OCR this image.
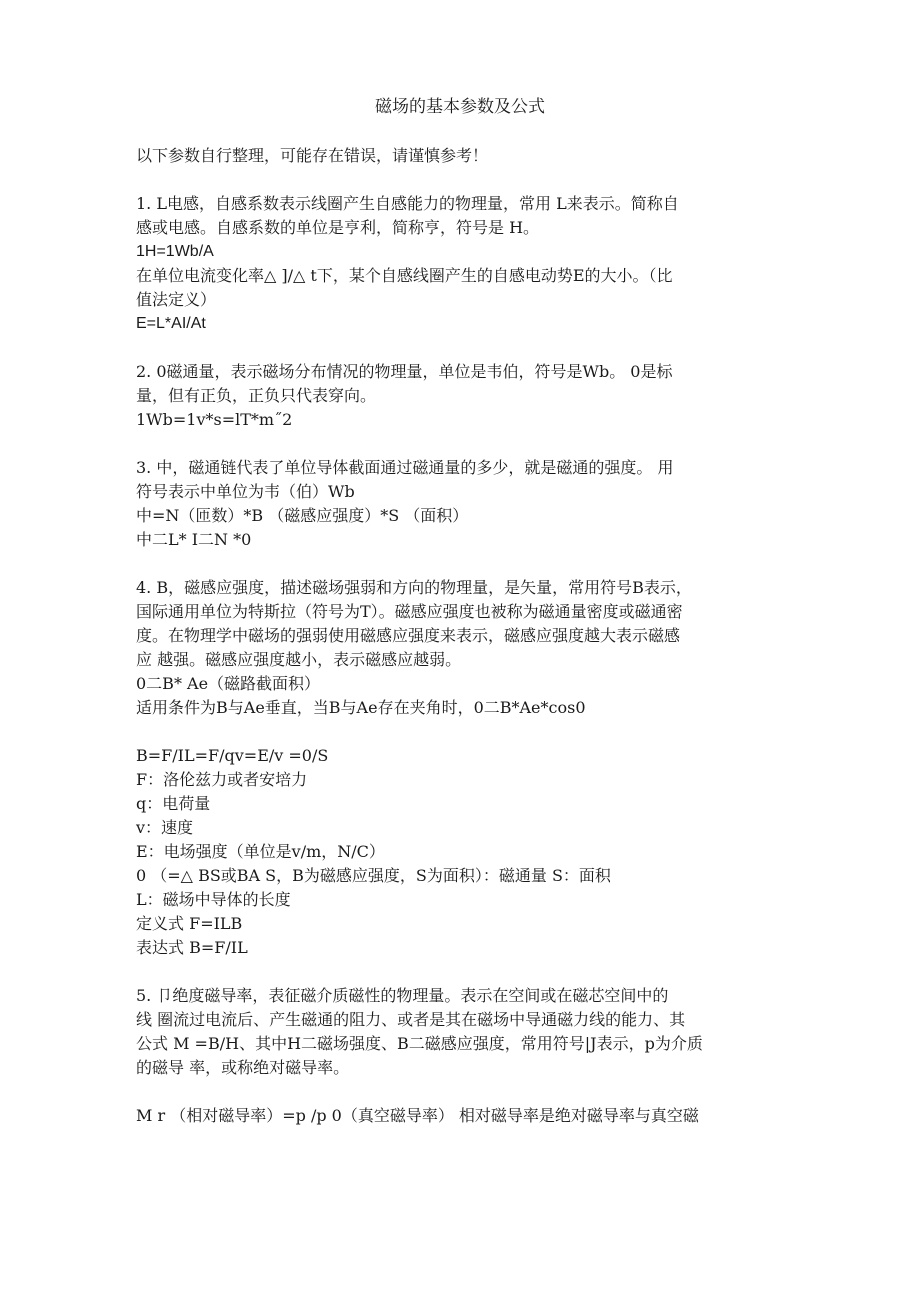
磁场的基本参数及公式
以下参数自行整理，可能存在错误，请谨慎参考！
1. L电感，自感系数表示线圈产生自感能力的物理量，常用 L来表示。简称自
感或电感。自感系数的单位是亨利，简称亨，符号是 H。
1H=1Wb/A
在单位电流变化率△ ]/△ t下，某个自感线圈产生的自感电动势E的大小。（比
值法定义）
E=L*AI/At
2. 0磁通量，表示磁场分布情况的物理量，单位是韦伯，符号是Wb。 0是标
量，但有正负，正负只代表穿向。
1Wb=1v*s=lT*m˝2
3. 中，磁通链代表了单位导体截面通过磁通量的多少，就是磁通的强度。 用
符号表示中单位为韦（伯）Wb
中=N（匝数）*B （磁感应强度）*S （面积）
中二L* I二N *0
4. B，磁感应强度，描述磁场强弱和方向的物理量，是矢量，常用符号B表示，
国际通用单位为特斯拉（符号为T）。磁感应强度也被称为磁通量密度或磁通密
度。在物理学中磁场的强弱使用磁感应强度来表示，磁感应强度越大表示磁感
应 越强。磁感应强度越小，表示磁感应越弱。
0二B* Ae（磁路截面积）
适用条件为B与Ae垂直，当B与Ae存在夹角时，0二B*Ae*cos0
B=F/IL=F/qv=E/v =0/S
F：洛伦兹力或者安培力
q：电荷量
v：速度
E：电场强度（单位是v/m，N/C）
0 （=△ BS或BA S，B为磁感应强度，S为面积）：磁通量 S：面积
L：磁场中导体的长度
定义式 F=ILB
表达式 B=F/IL
5. 卩绝度磁导率，表征磁介质磁性的物理量。表示在空间或在磁芯空间中的
线 圈流过电流后、产生磁通的阻力、或者是其在磁场中导通磁力线的能力、其
公式 M =B/H、其中H二磁场强度、B二磁感应强度，常用符号|J表示，p为介质
的磁导 率，或称绝对磁导率。
M r （相对磁导率）=p /p 0（真空磁导率） 相对磁导率是绝对磁导率与真空磁
